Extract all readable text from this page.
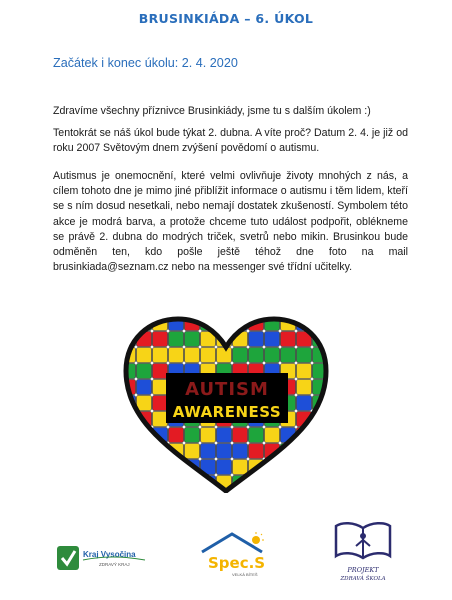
BRUSINKIÁDA – 6. ÚKOL
Začátek i konec úkolu: 2. 4. 2020
Zdravíme všechny příznivce Brusinkiády, jsme tu s dalším úkolem :)
Tentokrát se náš úkol bude týkat 2. dubna. A víte proč? Datum 2. 4. je již od roku 2007 Světovým dnem zvýšení povědomí o autismu.
Autismus je onemocnění, které velmi ovlivňuje životy mnohých z nás, a cílem tohoto dne je mimo jiné přiblížit informace o autismu i těm lidem, kteří se s ním dosud nesetkali, nebo nemají dostatek zkušeností. Symbolem této akce je modrá barva, a protože chceme tuto událost podpořit, oblékneme se právě 2. dubna do modrých triček, svetrů nebo mikin. Brusinkou bude odměněn ten, kdo pošle ještě téhož dne foto na mail brusinkiada@seznam.cz nebo na messenger své třídní učitelky.
AUTISM
AWARENESS
Kraj Vysočina
ZDRAVÝ KRAJ	Spec.S
VELKÁ BÍTEŠ
PROJEKT
ZDRAVÁ ŠKOLA
